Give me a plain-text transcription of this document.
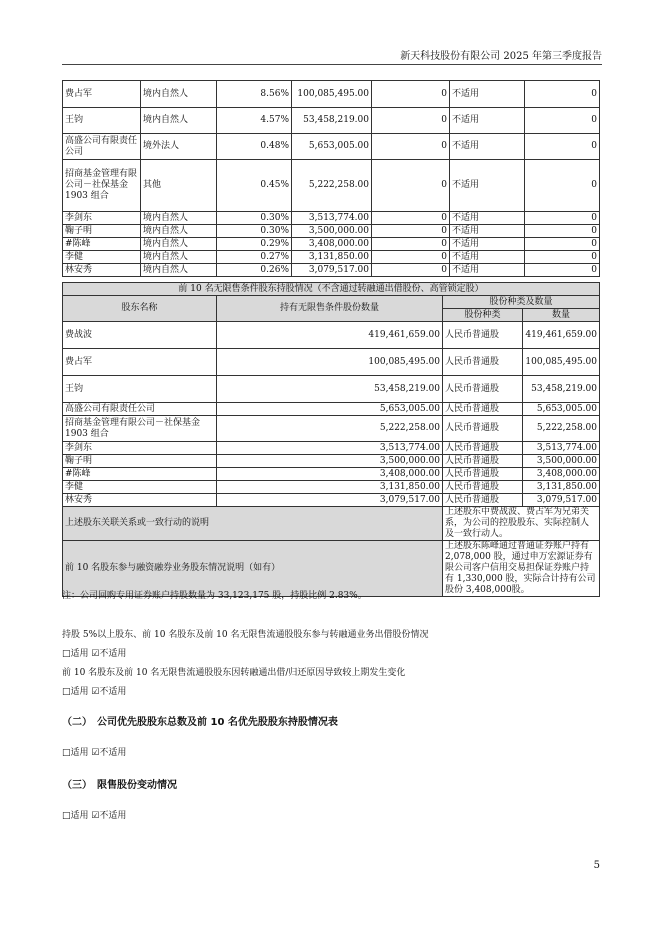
新天科技股份有限公司 2025 年第三季度报告
费占军	境内自然人	8.56%	100,085,495.00	0	不适用	0
王钧	境内自然人	4.57%	53,458,219.00	0	不适用	0
高盛公司有限责任公司	境外法人	0.48%	5,653,005.00	0	不适用	0
招商基金管理有限公司－社保基金 1903 组合	其他	0.45%	5,222,258.00	0	不适用	0
李剑东	境内自然人	0.30%	3,513,774.00	0	不适用	0
鞠子明	境内自然人	0.30%	3,500,000.00	0	不适用	0
#陈峰	境内自然人	0.29%	3,408,000.00	0	不适用	0
李健	境内自然人	0.27%	3,131,850.00	0	不适用	0
林安秀	境内自然人	0.26%	3,079,517.00	0	不适用	0
前 10 名无限售条件股东持股情况（不含通过转融通出借股份、高管锁定股）			
股东名称	持有无限售条件股份数量	股份种类及数量	
		股份种类	数量
费战波	419,461,659.00	人民币普通股	419,461,659.00
费占军	100,085,495.00	人民币普通股	100,085,495.00
王钧	53,458,219.00	人民币普通股	53,458,219.00
高盛公司有限责任公司	5,653,005.00	人民币普通股	5,653,005.00
招商基金管理有限公司－社保基金 1903 组合	5,222,258.00	人民币普通股	5,222,258.00
李剑东	3,513,774.00	人民币普通股	3,513,774.00
鞠子明	3,500,000.00	人民币普通股	3,500,000.00
#陈峰	3,408,000.00	人民币普通股	3,408,000.00
李健	3,131,850.00	人民币普通股	3,131,850.00
林安秀	3,079,517.00	人民币普通股	3,079,517.00
上述股东关联关系或一致行动的说明		上述股东中费战波、费占军为兄弟关系，为公司的控股股东、实际控制人及一致行动人。	
前 10 名股东参与融资融券业务股东情况说明（如有）		上述股东陈峰通过普通证券账户持有 2,078,000 股，通过申万宏源证券有限公司客户信用交易担保证券账户持有 1,330,000 股，实际合计持有公司股份 3,408,000股。	
注：公司回购专用证券账户持股数量为 33,123,175 股，持股比例 2.83%。
持股 5%以上股东、前 10 名股东及前 10 名无限售流通股股东参与转融通业务出借股份情况
□适用 ☑不适用
前 10 名股东及前 10 名无限售流通股股东因转融通出借/归还原因导致较上期发生变化
□适用 ☑不适用
（二）　公司优先股股东总数及前 10 名优先股股东持股情况表
□适用 ☑不适用
（三）　限售股份变动情况
□适用 ☑不适用
5
